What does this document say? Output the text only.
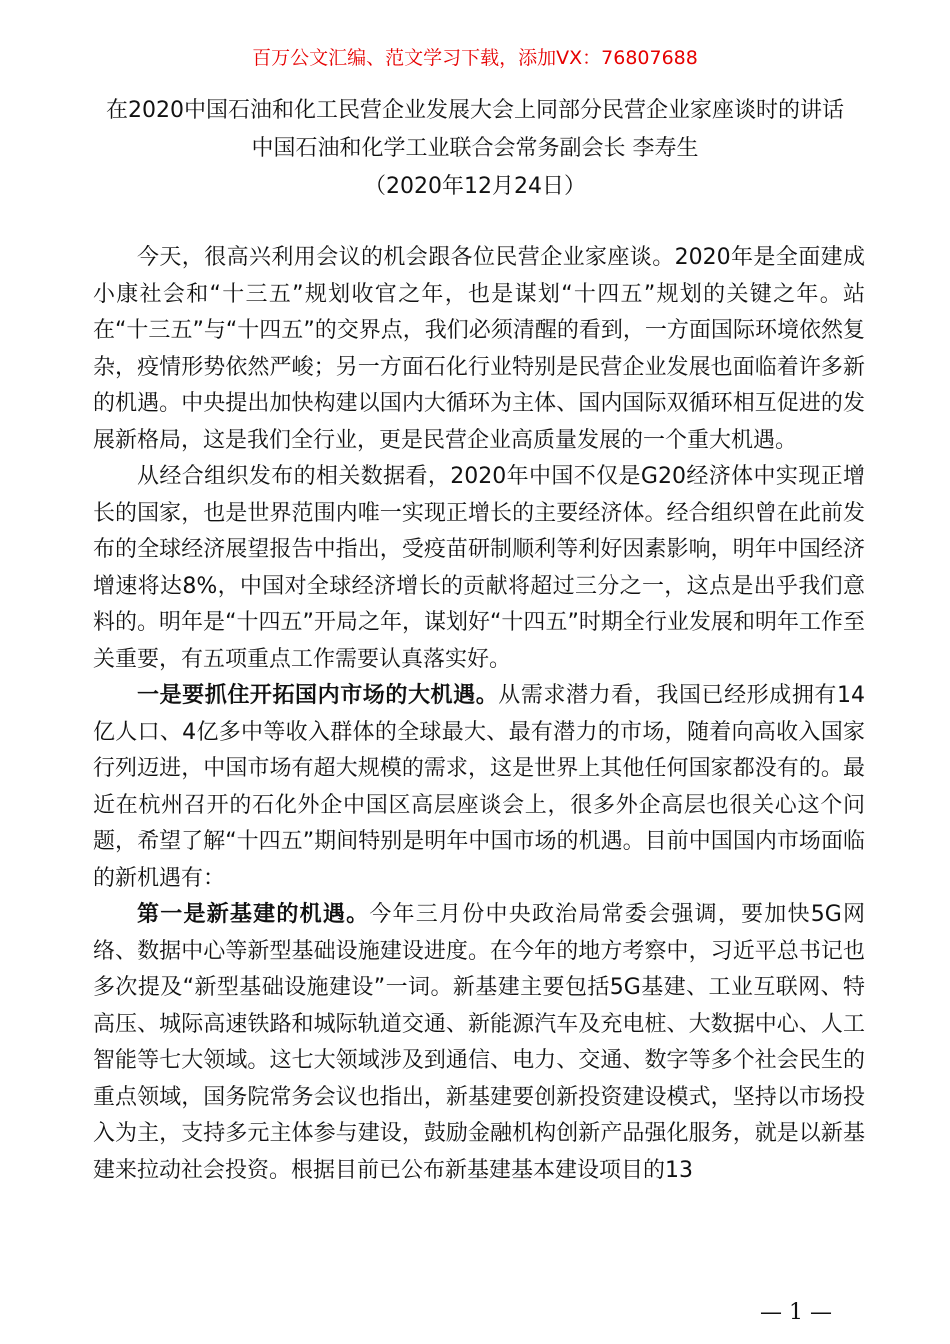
百万公文汇编、范文学习下载，添加VX：76807688
在2020中国石油和化工民营企业发展大会上同部分民营企业家座谈时的讲话
中国石油和化学工业联合会常务副会长 李寿生
（2020年12月24日）

今天，很高兴利用会议的机会跟各位民营企业家座谈。2020年是全面建成小康社会和“十三五”规划收官之年，也是谋划“十四五”规划的关键之年。站在“十三五”与“十四五”的交界点，我们必须清醒的看到，一方面国际环境依然复杂，疫情形势依然严峻；另一方面石化行业特别是民营企业发展也面临着许多新的机遇。中央提出加快构建以国内大循环为主体、国内国际双循环相互促进的发展新格局，这是我们全行业，更是民营企业高质量发展的一个重大机遇。

从经合组织发布的相关数据看，2020年中国不仅是G20经济体中实现正增长的国家，也是世界范围内唯一实现正增长的主要经济体。经合组织曾在此前发布的全球经济展望报告中指出，受疫苗研制顺利等利好因素影响，明年中国经济增速将达8%，中国对全球经济增长的贡献将超过三分之一，这点是出乎我们意料的。明年是“十四五”开局之年，谋划好“十四五”时期全行业发展和明年工作至关重要，有五项重点工作需要认真落实好。

一是要抓住开拓国内市场的大机遇。从需求潜力看，我国已经形成拥有14亿人口、4亿多中等收入群体的全球最大、最有潜力的市场，随着向高收入国家行列迈进，中国市场有超大规模的需求，这是世界上其他任何国家都没有的。最近在杭州召开的石化外企中国区高层座谈会上，很多外企高层也很关心这个问题，希望了解“十四五”期间特别是明年中国市场的机遇。目前中国国内市场面临的新机遇有：

第一是新基建的机遇。今年三月份中央政治局常委会强调，要加快5G网络、数据中心等新型基础设施建设进度。在今年的地方考察中，习近平总书记也多次提及“新型基础设施建设”一词。新基建主要包括5G基建、工业互联网、特高压、城际高速铁路和城际轨道交通、新能源汽车及充电桩、大数据中心、人工智能等七大领域。这七大领域涉及到通信、电力、交通、数字等多个社会民生的重点领域，国务院常务会议也指出，新基建要创新投资建设模式，坚持以市场投入为主，支持多元主体参与建设，鼓励金融机构创新产品强化服务，就是以新基建来拉动社会投资。根据目前已公布新基建基本建设项目的13

— 1 —
